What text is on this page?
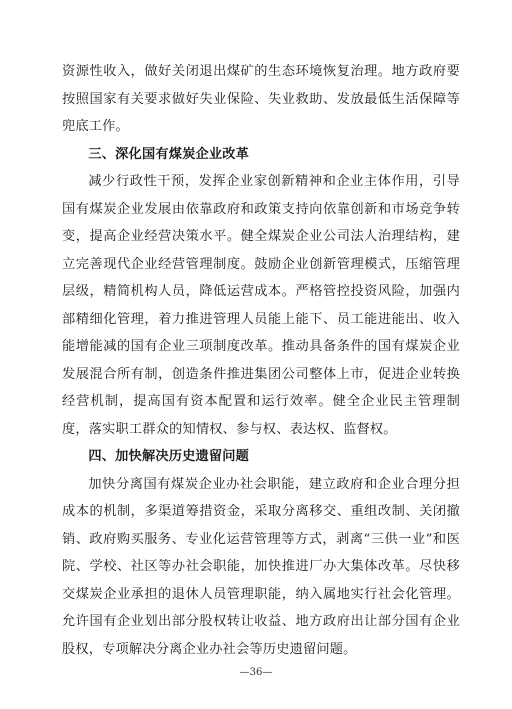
资源性收入，做好关闭退出煤矿的生态环境恢复治理。地方政府要按照国家有关要求做好失业保险、失业救助、发放最低生活保障等兜底工作。

三、深化国有煤炭企业改革

减少行政性干预，发挥企业家创新精神和企业主体作用，引导国有煤炭企业发展由依靠政府和政策支持向依靠创新和市场竞争转变，提高企业经营决策水平。健全煤炭企业公司法人治理结构，建立完善现代企业经营管理制度。鼓励企业创新管理模式，压缩管理层级，精简机构人员，降低运营成本。严格管控投资风险，加强内部精细化管理，着力推进管理人员能上能下、员工能进能出、收入能增能减的国有企业三项制度改革。推动具备条件的国有煤炭企业发展混合所有制，创造条件推进集团公司整体上市，促进企业转换经营机制，提高国有资本配置和运行效率。健全企业民主管理制度，落实职工群众的知情权、参与权、表达权、监督权。

四、加快解决历史遗留问题

加快分离国有煤炭企业办社会职能，建立政府和企业合理分担成本的机制，多渠道筹措资金，采取分离移交、重组改制、关闭撤销、政府购买服务、专业化运营管理等方式，剥离“三供一业”和医院、学校、社区等办社会职能，加快推进厂办大集体改革。尽快移交煤炭企业承担的退休人员管理职能，纳入属地实行社会化管理。允许国有企业划出部分股权转让收益、地方政府出让部分国有企业股权，专项解决分离企业办社会等历史遗留问题。

—36—
